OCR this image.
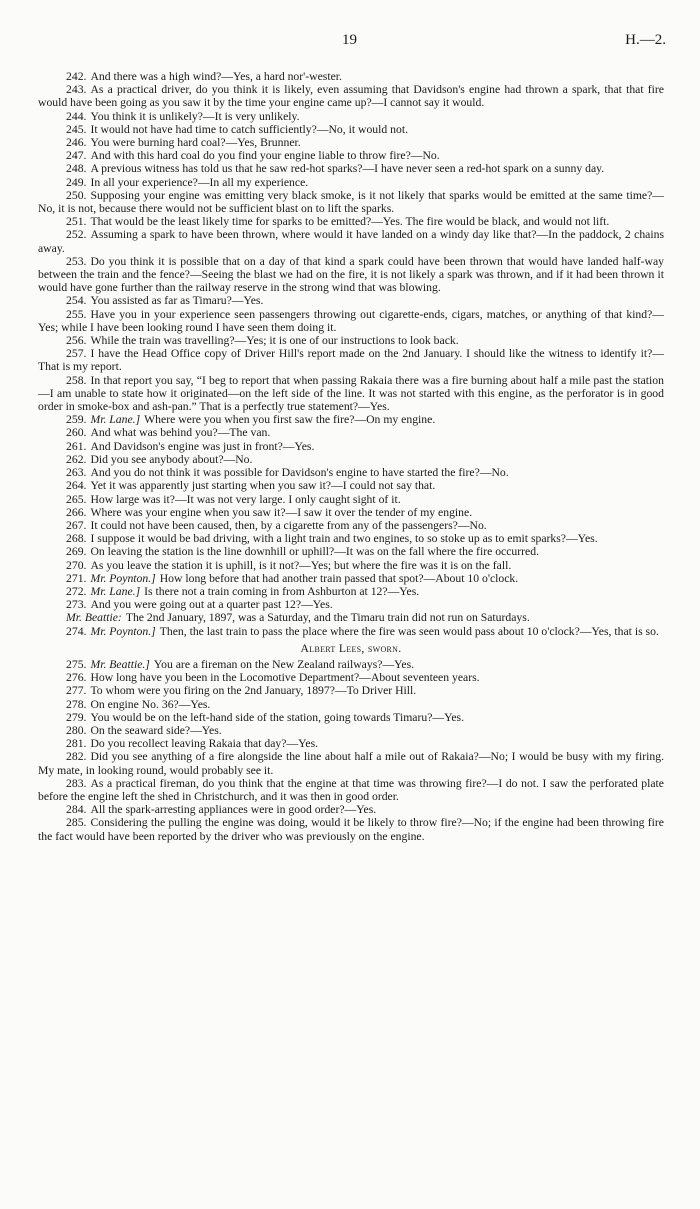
19	H.—2.

242. And there was a high wind?—Yes, a hard nor'-wester.

243. As a practical driver, do you think it is likely, even assuming that Davidson's engine had thrown a spark, that that fire would have been going as you saw it by the time your engine came up?—I cannot say it would.

244. You think it is unlikely?—It is very unlikely.

245. It would not have had time to catch sufficiently?—No, it would not.

246. You were burning hard coal?—Yes, Brunner.

247. And with this hard coal do you find your engine liable to throw fire?—No.

248. A previous witness has told us that he saw red-hot sparks?—I have never seen a red-hot spark on a sunny day.

249. In all your experience?—In all my experience.

250. Supposing your engine was emitting very black smoke, is it not likely that sparks would be emitted at the same time?—No, it is not, because there would not be sufficient blast on to lift the sparks.

251. That would be the least likely time for sparks to be emitted?—Yes. The fire would be black, and would not lift.

252. Assuming a spark to have been thrown, where would it have landed on a windy day like that?—In the paddock, 2 chains away.

253. Do you think it is possible that on a day of that kind a spark could have been thrown that would have landed half-way between the train and the fence?—Seeing the blast we had on the fire, it is not likely a spark was thrown, and if it had been thrown it would have gone further than the railway reserve in the strong wind that was blowing.

254. You assisted as far as Timaru?—Yes.

255. Have you in your experience seen passengers throwing out cigarette-ends, cigars, matches, or anything of that kind?—Yes; while I have been looking round I have seen them doing it.

256. While the train was travelling?—Yes; it is one of our instructions to look back.

257. I have the Head Office copy of Driver Hill's report made on the 2nd January. I should like the witness to identify it?—That is my report.

258. In that report you say, “I beg to report that when passing Rakaia there was a fire burning about half a mile past the station—I am unable to state how it originated—on the left side of the line. It was not started with this engine, as the perforator is in good order in smoke-box and ash-pan.” That is a perfectly true statement?—Yes.

259. Mr. Lane.] Where were you when you first saw the fire?—On my engine.

260. And what was behind you?—The van.

261. And Davidson's engine was just in front?—Yes.

262. Did you see anybody about?—No.

263. And you do not think it was possible for Davidson's engine to have started the fire?—No.

264. Yet it was apparently just starting when you saw it?—I could not say that.

265. How large was it?—It was not very large. I only caught sight of it.

266. Where was your engine when you saw it?—I saw it over the tender of my engine.

267. It could not have been caused, then, by a cigarette from any of the passengers?—No.

268. I suppose it would be bad driving, with a light train and two engines, to so stoke up as to emit sparks?—Yes.

269. On leaving the station is the line downhill or uphill?—It was on the fall where the fire occurred.

270. As you leave the station it is uphill, is it not?—Yes; but where the fire was it is on the fall.

271. Mr. Poynton.] How long before that had another train passed that spot?—About 10 o'clock.

272. Mr. Lane.] Is there not a train coming in from Ashburton at 12?—Yes.

273. And you were going out at a quarter past 12?—Yes.

Mr. Beattie: The 2nd January, 1897, was a Saturday, and the Timaru train did not run on Saturdays.

274. Mr. Poynton.] Then, the last train to pass the place where the fire was seen would pass about 10 o'clock?—Yes, that is so.

Albert Lees, sworn.

275. Mr. Beattie.] You are a fireman on the New Zealand railways?—Yes.

276. How long have you been in the Locomotive Department?—About seventeen years.

277. To whom were you firing on the 2nd January, 1897?—To Driver Hill.

278. On engine No. 36?—Yes.

279. You would be on the left-hand side of the station, going towards Timaru?—Yes.

280. On the seaward side?—Yes.

281. Do you recollect leaving Rakaia that day?—Yes.

282. Did you see anything of a fire alongside the line about half a mile out of Rakaia?—No; I would be busy with my firing. My mate, in looking round, would probably see it.

283. As a practical fireman, do you think that the engine at that time was throwing fire?—I do not. I saw the perforated plate before the engine left the shed in Christchurch, and it was then in good order.

284. All the spark-arresting appliances were in good order?—Yes.

285. Considering the pulling the engine was doing, would it be likely to throw fire?—No; if the engine had been throwing fire the fact would have been reported by the driver who was previously on the engine.
